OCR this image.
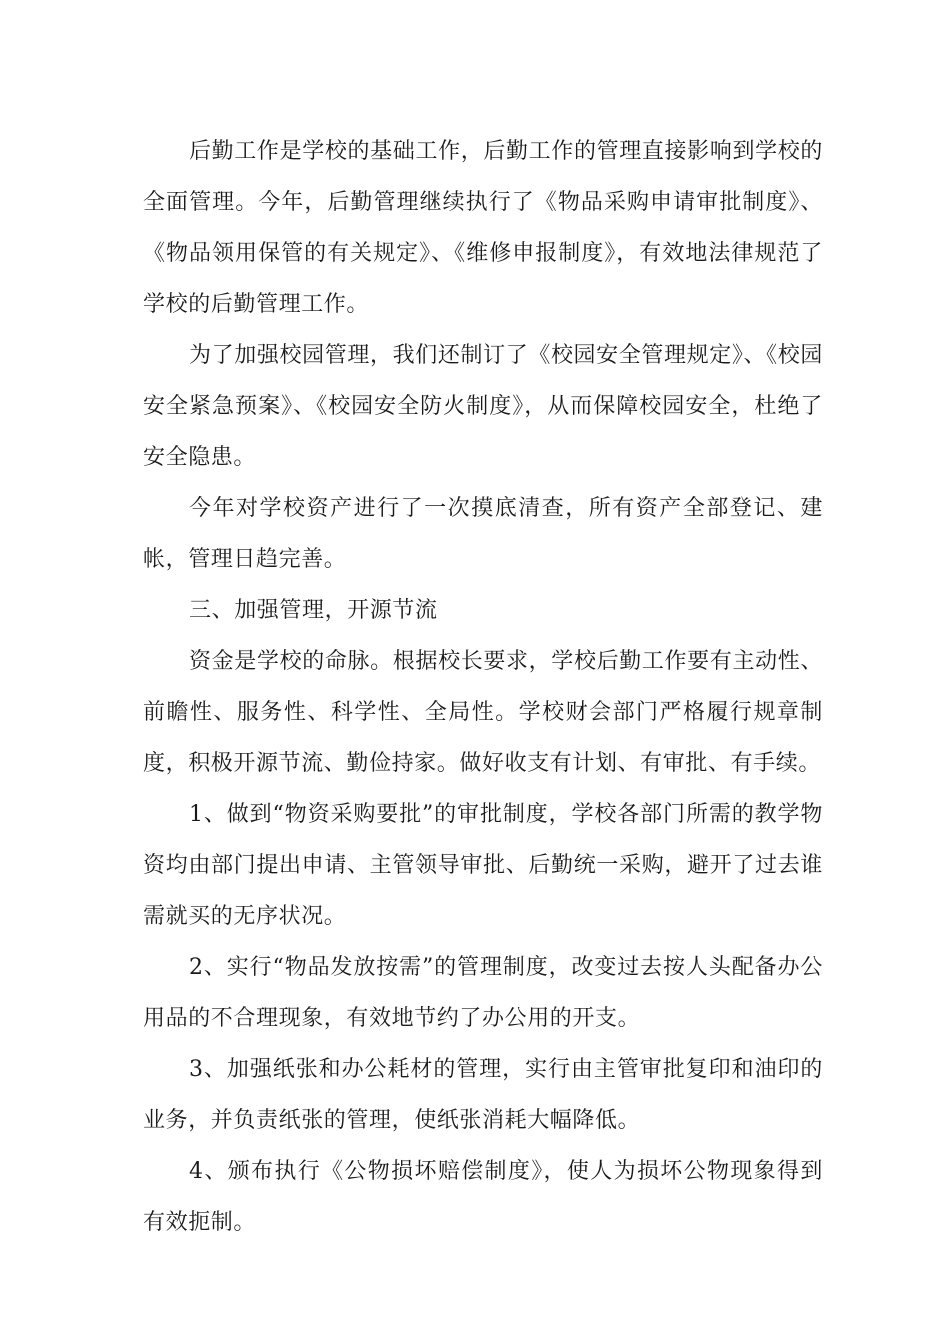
后勤工作是学校的基础工作，后勤工作的管理直接影响到学校的全面管理。今年，后勤管理继续执行了《物品采购申请审批制度》、《物品领用保管的有关规定》、《维修申报制度》，有效地法律规范了学校的后勤管理工作。

为了加强校园管理，我们还制订了《校园安全管理规定》、《校园安全紧急预案》、《校园安全防火制度》，从而保障校园安全，杜绝了安全隐患。

今年对学校资产进行了一次摸底清查，所有资产全部登记、建帐，管理日趋完善。

三、加强管理，开源节流

资金是学校的命脉。根据校长要求，学校后勤工作要有主动性、前瞻性、服务性、科学性、全局性。学校财会部门严格履行规章制度，积极开源节流、勤俭持家。做好收支有计划、有审批、有手续。

1、做到“物资采购要批”的审批制度，学校各部门所需的教学物资均由部门提出申请、主管领导审批、后勤统一采购，避开了过去谁需就买的无序状况。

2、实行“物品发放按需”的管理制度，改变过去按人头配备办公用品的不合理现象，有效地节约了办公用的开支。

3、加强纸张和办公耗材的管理，实行由主管审批复印和油印的业务，并负责纸张的管理，使纸张消耗大幅降低。

4、颁布执行《公物损坏赔偿制度》，使人为损坏公物现象得到有效扼制。
